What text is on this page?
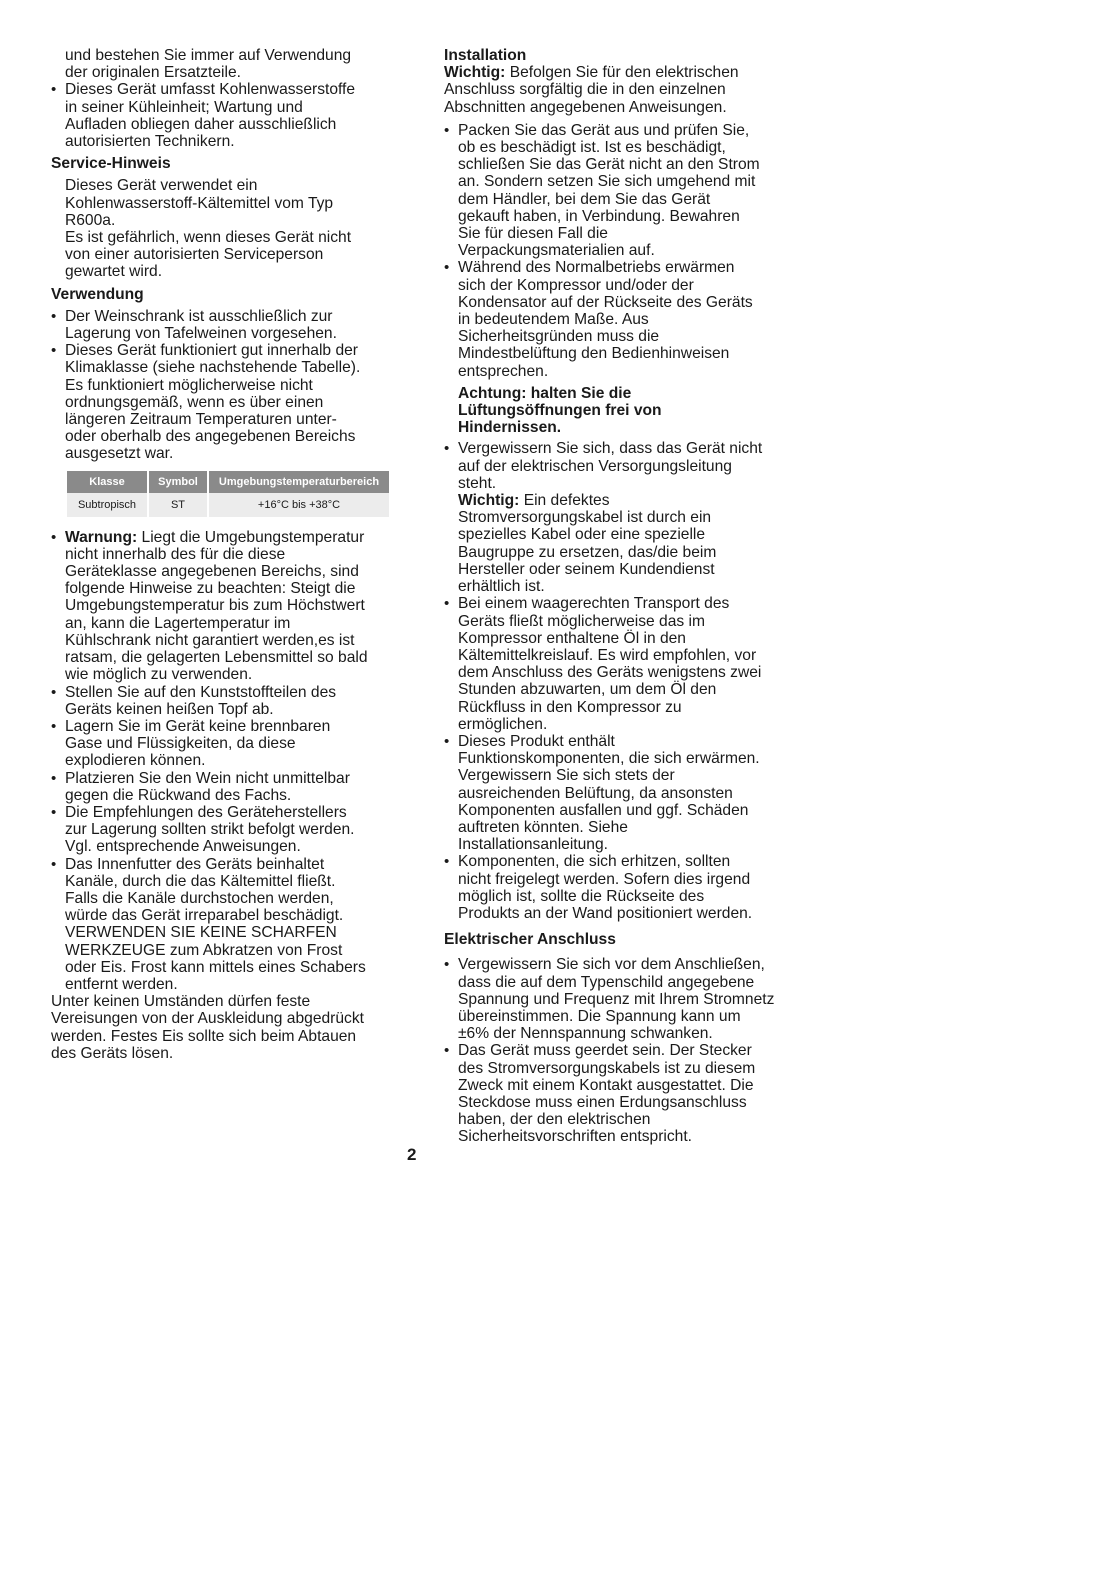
und bestehen Sie immer auf Verwendung
der originalen Ersatzteile.
• Dieses Gerät umfasst Kohlenwasserstoffe
in seiner Kühleinheit; Wartung und
Aufladen obliegen daher ausschließlich
autorisierten Technikern.
Service-Hinweis
Dieses Gerät verwendet ein
Kohlenwasserstoff-Kältemittel vom Typ
R600a.
Es ist gefährlich, wenn dieses Gerät nicht
von einer autorisierten Serviceperson
gewartet wird.
Verwendung
• Der Weinschrank ist ausschließlich zur
Lagerung von Tafelweinen vorgesehen.
• Dieses Gerät funktioniert gut innerhalb der
Klimaklasse (siehe nachstehende Tabelle).
Es funktioniert möglicherweise nicht
ordnungsgemäß, wenn es über einen
längeren Zeitraum Temperaturen unter-
oder oberhalb des angegebenen Bereichs
ausgesetzt war.
Klasse	Symbol	Umgebungstemperaturbereich
Subtropisch	ST	+16°C bis +38°C
• Warnung: Liegt die Umgebungstemperatur
nicht innerhalb des für die diese
Geräteklasse angegebenen Bereichs, sind
folgende Hinweise zu beachten: Steigt die
Umgebungstemperatur bis zum Höchstwert
an, kann die Lagertemperatur im
Kühlschrank nicht garantiert werden,es ist
ratsam, die gelagerten Lebensmittel so bald
wie möglich zu verwenden.
• Stellen Sie auf den Kunststoffteilen des
Geräts keinen heißen Topf ab.
• Lagern Sie im Gerät keine brennbaren
Gase und Flüssigkeiten, da diese
explodieren können.
• Platzieren Sie den Wein nicht unmittelbar
gegen die Rückwand des Fachs.
• Die Empfehlungen des Geräteherstellers
zur Lagerung sollten strikt befolgt werden.
Vgl. entsprechende Anweisungen.
• Das Innenfutter des Geräts beinhaltet
Kanäle, durch die das Kältemittel fließt.
Falls die Kanäle durchstochen werden,
würde das Gerät irreparabel beschädigt.
VERWENDEN SIE KEINE SCHARFEN
WERKZEUGE zum Abkratzen von Frost
oder Eis. Frost kann mittels eines Schabers
entfernt werden.
Unter keinen Umständen dürfen feste
Vereisungen von der Auskleidung abgedrückt
werden. Festes Eis sollte sich beim Abtauen
des Geräts lösen.
Installation
Wichtig: Befolgen Sie für den elektrischen
Anschluss sorgfältig die in den einzelnen
Abschnitten angegebenen Anweisungen.
• Packen Sie das Gerät aus und prüfen Sie,
ob es beschädigt ist. Ist es beschädigt,
schließen Sie das Gerät nicht an den Strom
an. Sondern setzen Sie sich umgehend mit
dem Händler, bei dem Sie das Gerät
gekauft haben, in Verbindung. Bewahren
Sie für diesen Fall die
Verpackungsmaterialien auf.
• Während des Normalbetriebs erwärmen
sich der Kompressor und/oder der
Kondensator auf der Rückseite des Geräts
in bedeutendem Maße. Aus
Sicherheitsgründen muss die
Mindestbelüftung den Bedienhinweisen
entsprechen.
Achtung: halten Sie die
Lüftungsöffnungen frei von
Hindernissen.
• Vergewissern Sie sich, dass das Gerät nicht
auf der elektrischen Versorgungsleitung
steht.
Wichtig: Ein defektes
Stromversorgungskabel ist durch ein
spezielles Kabel oder eine spezielle
Baugruppe zu ersetzen, das/die beim
Hersteller oder seinem Kundendienst
erhältlich ist.
• Bei einem waagerechten Transport des
Geräts fließt möglicherweise das im
Kompressor enthaltene Öl in den
Kältemittelkreislauf. Es wird empfohlen, vor
dem Anschluss des Geräts wenigstens zwei
Stunden abzuwarten, um dem Öl den
Rückfluss in den Kompressor zu
ermöglichen.
• Dieses Produkt enthält
Funktionskomponenten, die sich erwärmen.
Vergewissern Sie sich stets der
ausreichenden Belüftung, da ansonsten
Komponenten ausfallen und ggf. Schäden
auftreten könnten. Siehe
Installationsanleitung.
• Komponenten, die sich erhitzen, sollten
nicht freigelegt werden. Sofern dies irgend
möglich ist, sollte die Rückseite des
Produkts an der Wand positioniert werden.
Elektrischer Anschluss
• Vergewissern Sie sich vor dem Anschließen,
dass die auf dem Typenschild angegebene
Spannung und Frequenz mit Ihrem Stromnetz
übereinstimmen. Die Spannung kann um
±6% der Nennspannung schwanken.
• Das Gerät muss geerdet sein. Der Stecker
des Stromversorgungskabels ist zu diesem
Zweck mit einem Kontakt ausgestattet. Die
Steckdose muss einen Erdungsanschluss
haben, der den elektrischen
Sicherheitsvorschriften entspricht.
2
